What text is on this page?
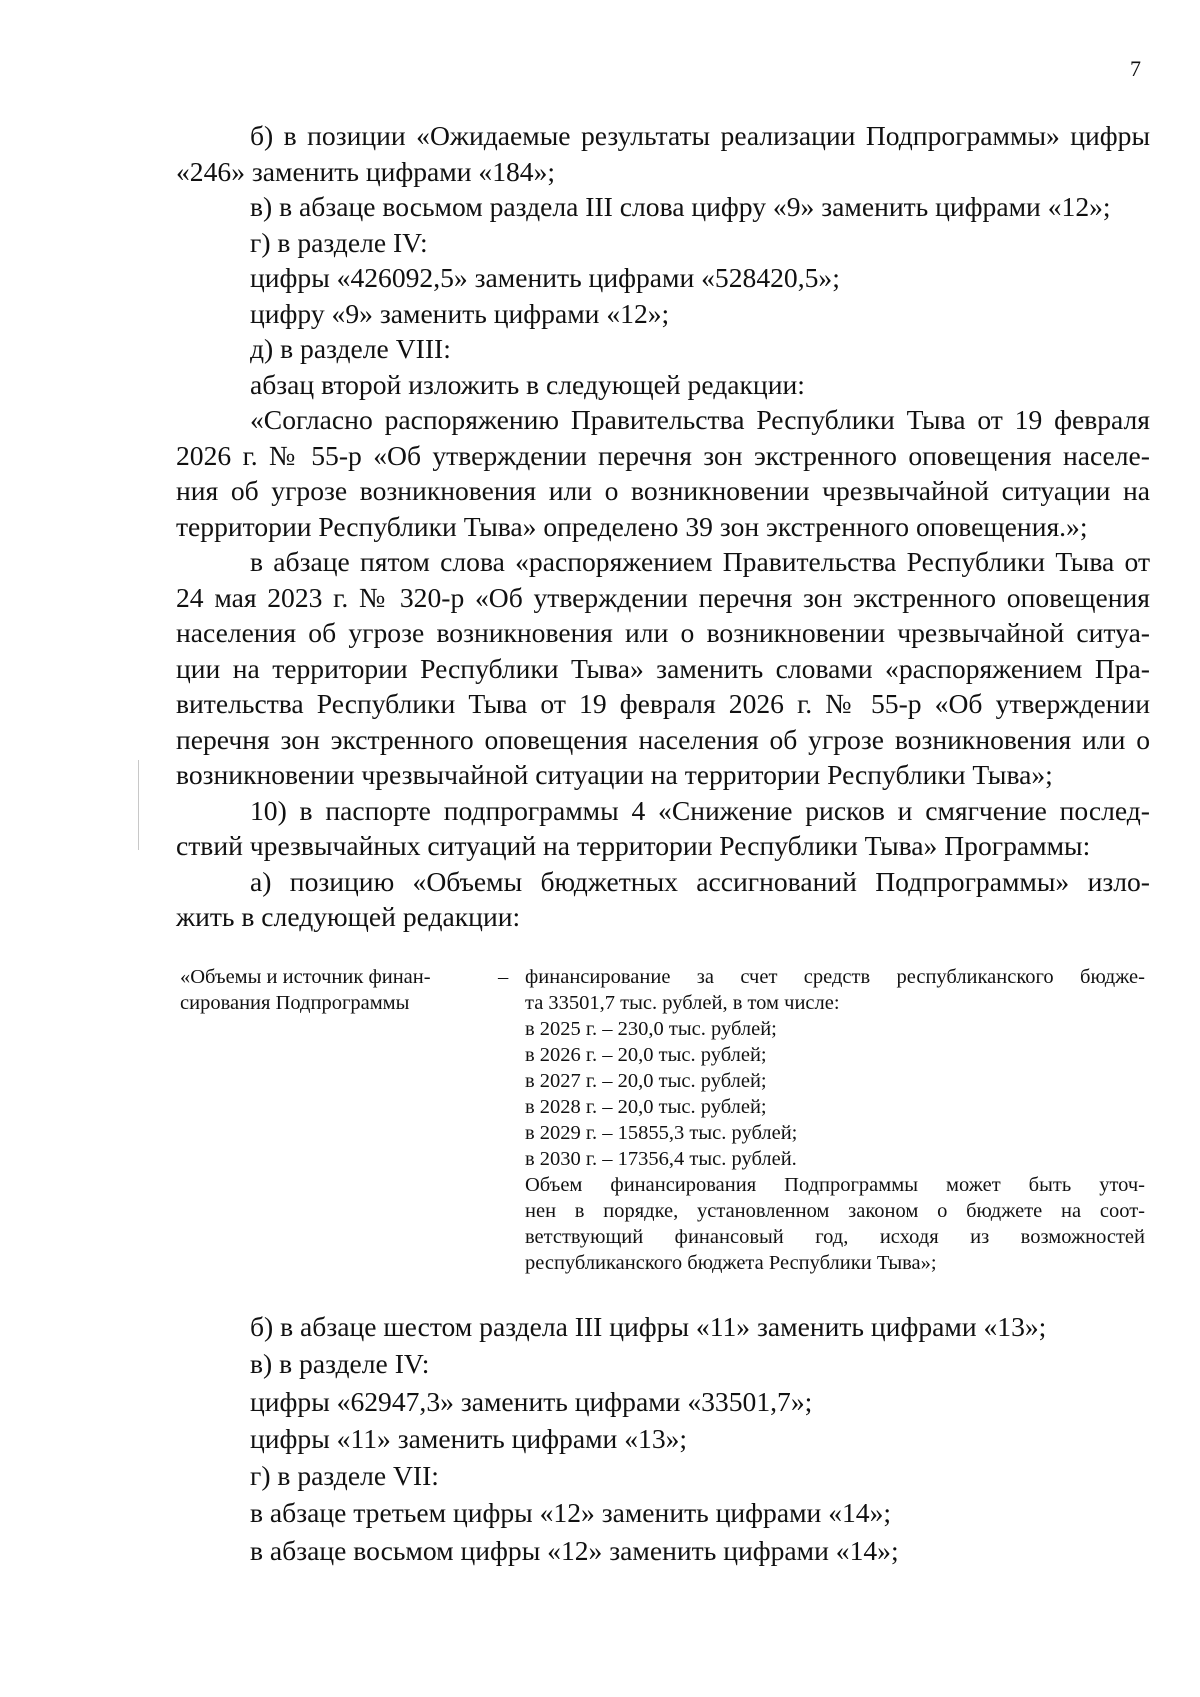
7

б) в позиции «Ожидаемые результаты реализации Подпрограммы» цифры

«246» заменить цифрами «184»;

в) в абзаце восьмом раздела III слова цифру «9» заменить цифрами «12»;

г) в разделе IV:

цифры «426092,5» заменить цифрами «528420,5»;

цифру «9» заменить цифрами «12»;

д) в разделе VIII:

абзац второй изложить в следующей редакции:

«Согласно распоряжению Правительства Республики Тыва от 19 февраля

2026 г. № 55-р «Об утверждении перечня зон экстренного оповещения населе-

ния об угрозе возникновения или о возникновении чрезвычайной ситуации на

территории Республики Тыва» определено 39 зон экстренного оповещения.»;

в абзаце пятом слова «распоряжением Правительства Республики Тыва от

24 мая 2023 г. № 320-р «Об утверждении перечня зон экстренного оповещения

населения об угрозе возникновения или о возникновении чрезвычайной ситуа-

ции на территории Республики Тыва» заменить словами «распоряжением Пра-

вительства Республики Тыва от 19 февраля 2026 г. № 55-р «Об утверждении

перечня зон экстренного оповещения населения об угрозе возникновения или о

возникновении чрезвычайной ситуации на территории Республики Тыва»;

10) в паспорте подпрограммы 4 «Снижение рисков и смягчение послед-

ствий чрезвычайных ситуаций на территории Республики Тыва» Программы:

а) позицию «Объемы бюджетных ассигнований Подпрограммы» изло-

жить в следующей редакции:

«Объемы и источник финан-

сирования Подпрограммы

– финансирование за счет средств республиканского бюдже-

та 33501,7 тыс. рублей, в том числе:

в 2025 г. – 230,0 тыс. рублей;

в 2026 г. – 20,0 тыс. рублей;

в 2027 г. – 20,0 тыс. рублей;

в 2028 г. – 20,0 тыс. рублей;

в 2029 г. – 15855,3 тыс. рублей;

в 2030 г. – 17356,4 тыс. рублей.

Объем финансирования Подпрограммы может быть уточ-

нен в порядке, установленном законом о бюджете на соот-

ветствующий финансовый год, исходя из возможностей

республиканского бюджета Республики Тыва»;

б) в абзаце шестом раздела III цифры «11» заменить цифрами «13»;

в) в разделе IV:

цифры «62947,3» заменить цифрами «33501,7»;

цифры «11» заменить цифрами «13»;

г) в разделе VII:

в абзаце третьем цифры «12» заменить цифрами «14»;

в абзаце восьмом цифры «12» заменить цифрами «14»;
